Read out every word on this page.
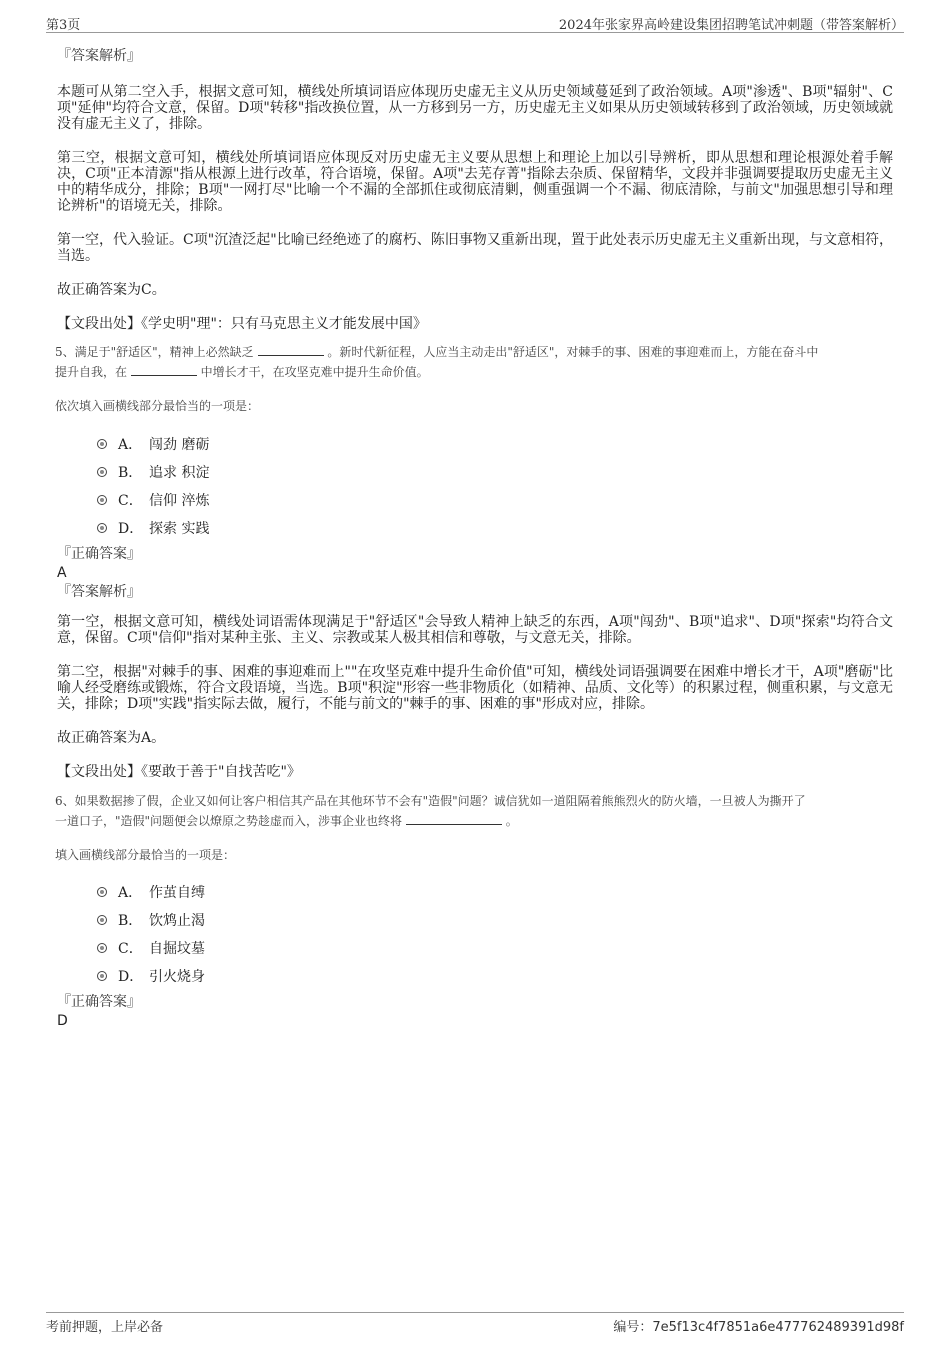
第3页	2024年张家界高岭建设集团招聘笔试冲刺题（带答案解析）
『答案解析』

本题可从第二空入手，根据文意可知，横线处所填词语应体现历史虚无主义从历史领域蔓延到了政治领域。A项"渗透"、B项"辐射"、C项"延伸"均符合文意，保留。D项"转移"指改换位置，从一方移到另一方，历史虚无主义如果从历史领域转移到了政治领域，历史领域就没有虚无主义了，排除。

第三空，根据文意可知，横线处所填词语应体现反对历史虚无主义要从思想上和理论上加以引导辨析，即从思想和理论根源处着手解决，C项"正本清源"指从根源上进行改革，符合语境，保留。A项"去芜存菁"指除去杂质、保留精华，文段并非强调要提取历史虚无主义中的精华成分，排除；B项"一网打尽"比喻一个不漏的全部抓住或彻底清剿，侧重强调一个不漏、彻底清除，与前文"加强思想引导和理论辨析"的语境无关，排除。

第一空，代入验证。C项"沉渣泛起"比喻已经绝迹了的腐朽、陈旧事物又重新出现，置于此处表示历史虚无主义重新出现，与文意相符，当选。

故正确答案为C。

【文段出处】《学史明"理"：只有马克思主义才能发展中国》

5、满足于"舒适区"，精神上必然缺乏	。新时代新征程，人应当主动走出"舒适区"，对棘手的事、困难的事迎难而上，方能在奋斗中
提升自我，在	中增长才干，在攻坚克难中提升生命价值。

依次填入画横线部分最恰当的一项是：
A． 闯劲 磨砺
B． 追求 积淀
C． 信仰 淬炼
D． 探索 实践
『正确答案』
A
『答案解析』

第一空，根据文意可知，横线处词语需体现满足于"舒适区"会导致人精神上缺乏的东西，A项"闯劲"、B项"追求"、D项"探索"均符合文意，保留。C项"信仰"指对某种主张、主义、宗教或某人极其相信和尊敬，与文意无关，排除。

第二空，根据"对棘手的事、困难的事迎难而上""在攻坚克难中提升生命价值"可知，横线处词语强调要在困难中增长才干，A项"磨砺"比喻人经受磨练或锻炼，符合文段语境，当选。B项"积淀"形容一些非物质化（如精神、品质、文化等）的积累过程，侧重积累，与文意无关，排除；D项"实践"指实际去做，履行，不能与前文的"棘手的事、困难的事"形成对应，排除。

故正确答案为A。

【文段出处】《要敢于善于"自找苦吃"》

6、如果数据掺了假，企业又如何让客户相信其产品在其他环节不会有"造假"问题？诚信犹如一道阻隔着熊熊烈火的防火墙，一旦被人为撕开了
一道口子，"造假"问题便会以燎原之势趁虚而入，涉事企业也终将	。

填入画横线部分最恰当的一项是：
A． 作茧自缚
B． 饮鸩止渴
C． 自掘坟墓
D． 引火烧身
『正确答案』
D
考前押题，上岸必备	编号：7e5f13c4f7851a6e477762489391d98f
